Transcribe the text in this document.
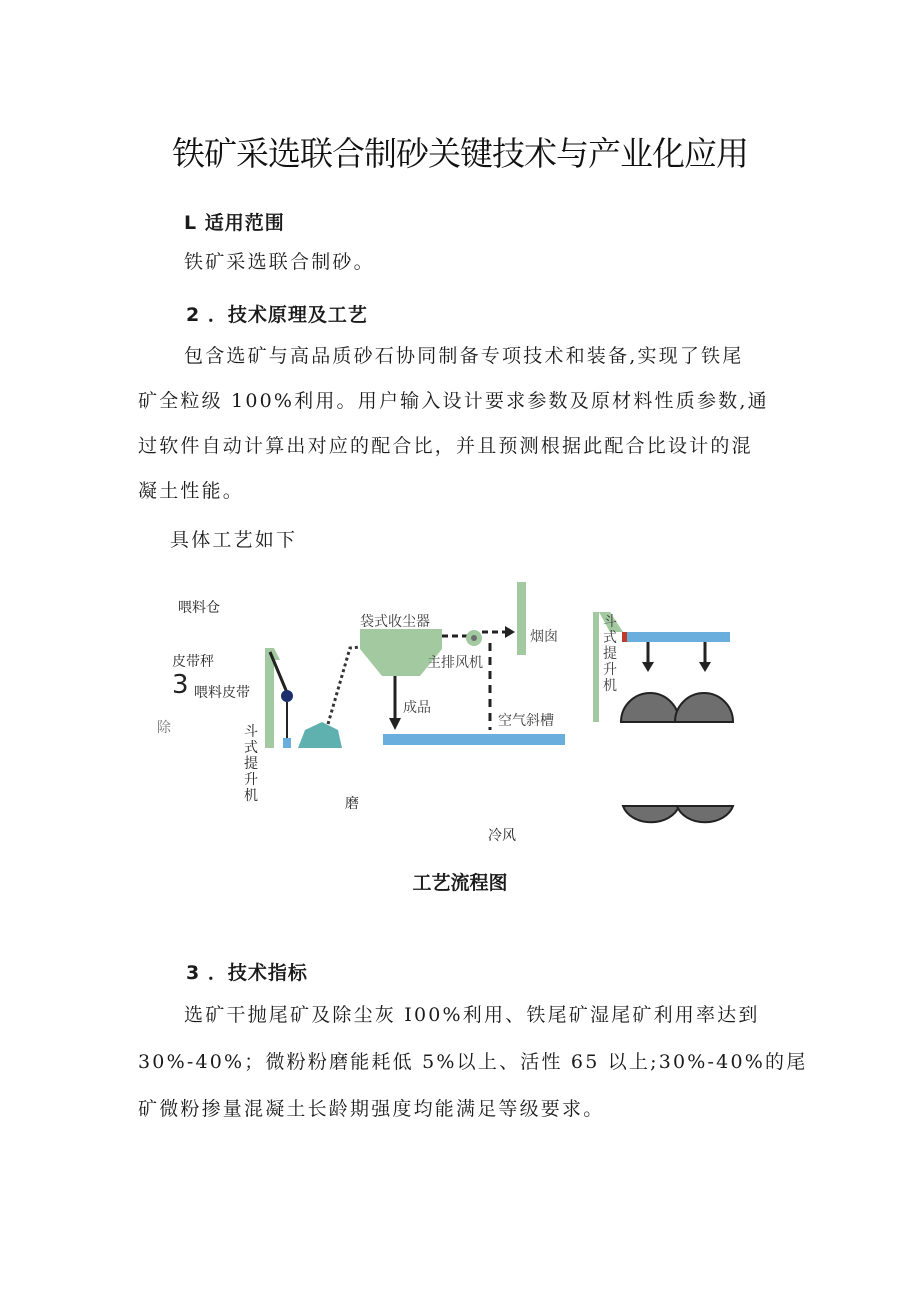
铁矿采选联合制砂关键技术与产业化应用
L 适用范围
铁矿采选联合制砂。
2 ．技术原理及工艺
包含选矿与高品质砂石协同制备专项技术和装备,实现了铁尾
矿全粒级 100%利用。用户输入设计要求参数及原材料性质参数,通
过软件自动计算出对应的配合比，并且预测根据此配合比设计的混
凝土性能。
具体工艺如下
喂料仓
皮带秤
3 喂料皮带
除	斗式提升机	磨
冷风
袋式收尘器
烟囱
主排风机
成品
空气斜槽
斗式提升机
工艺流程图
3 ．技术指标
选矿干抛尾矿及除尘灰 I00%利用、铁尾矿湿尾矿利用率达到
30%-40%；微粉粉磨能耗低 5%以上、活性 65 以上;30%-40%的尾
矿微粉掺量混凝土长龄期强度均能满足等级要求。
